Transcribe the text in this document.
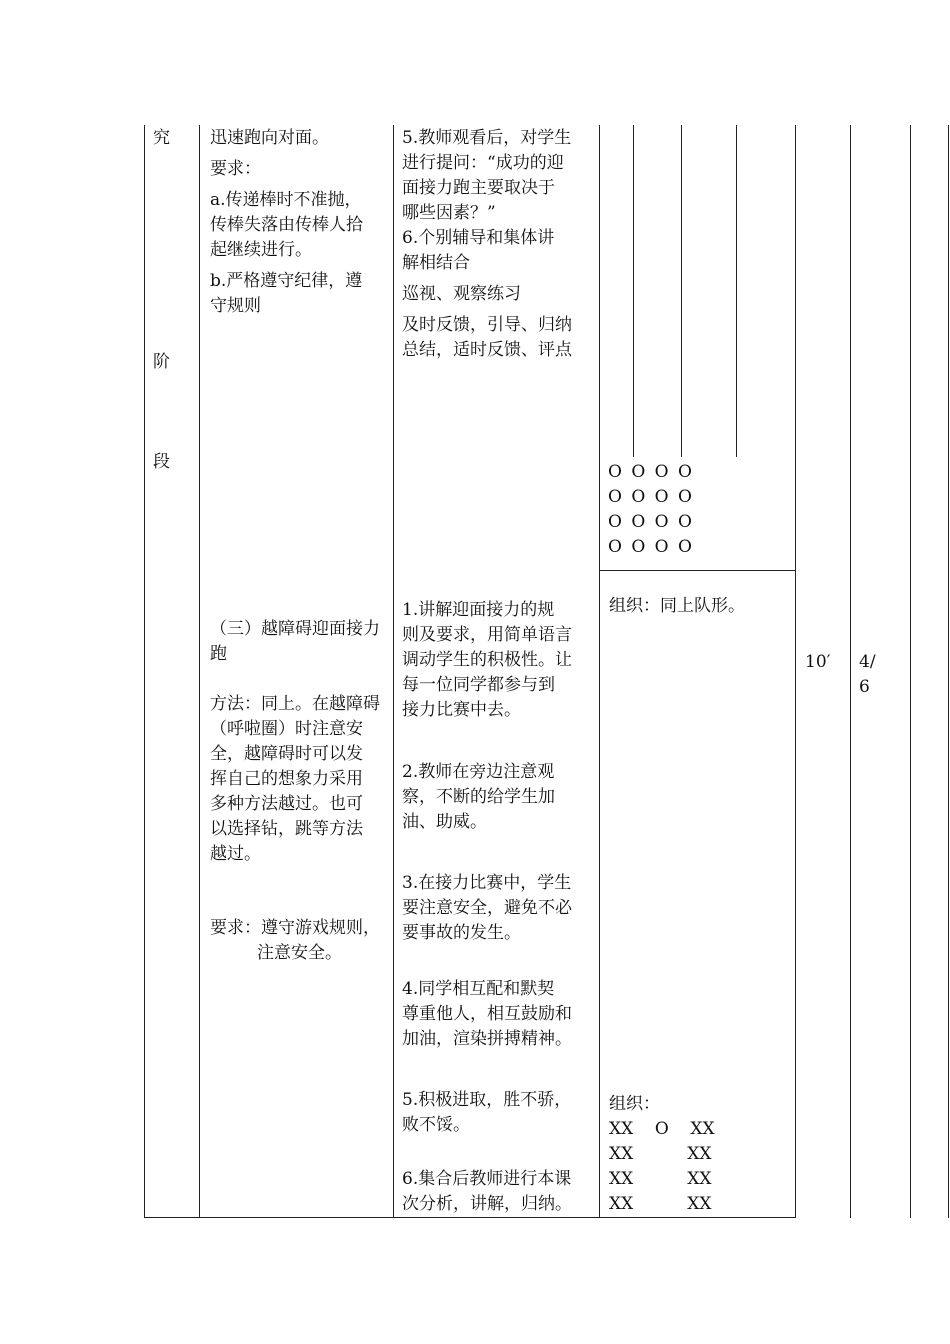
究
阶
段
迅速跑向对面。
要求：
a.传递棒时不准抛，
传棒失落由传棒人拾
起继续进行。
b.严格遵守纪律，遵
守规则
（三）越障碍迎面接力
跑
方法：同上。在越障碍
（呼啦圈）时注意安
全，越障碍时可以发
挥自己的想象力采用
多种方法越过。也可
以选择钻，跳等方法
越过。
要求：遵守游戏规则，
注意安全。
5.教师观看后，对学生
进行提问：“成功的迎
面接力跑主要取决于
哪些因素？”
6.个别辅导和集体讲
解相结合
巡视、观察练习
及时反馈，引导、归纳
总结，适时反馈、评点
1.讲解迎面接力的规
则及要求，用简单语言
调动学生的积极性。让
每一位同学都参与到
接力比赛中去。
2.教师在旁边注意观
察，不断的给学生加
油、助威。
3.在接力比赛中，学生
要注意安全，避免不必
要事故的发生。
4.同学相互配和默契
尊重他人，相互鼓励和
加油，渲染拼搏精神。
5.积极进取，胜不骄，
败不馁。
6.集合后教师进行本课
次分析，讲解，归纳。
O O O O
O O O O
O O O O
O O O O
组织：同上队形。
组织：
XX    O    XX
XX          XX
XX          XX
XX          XX
10′ 4/
6
